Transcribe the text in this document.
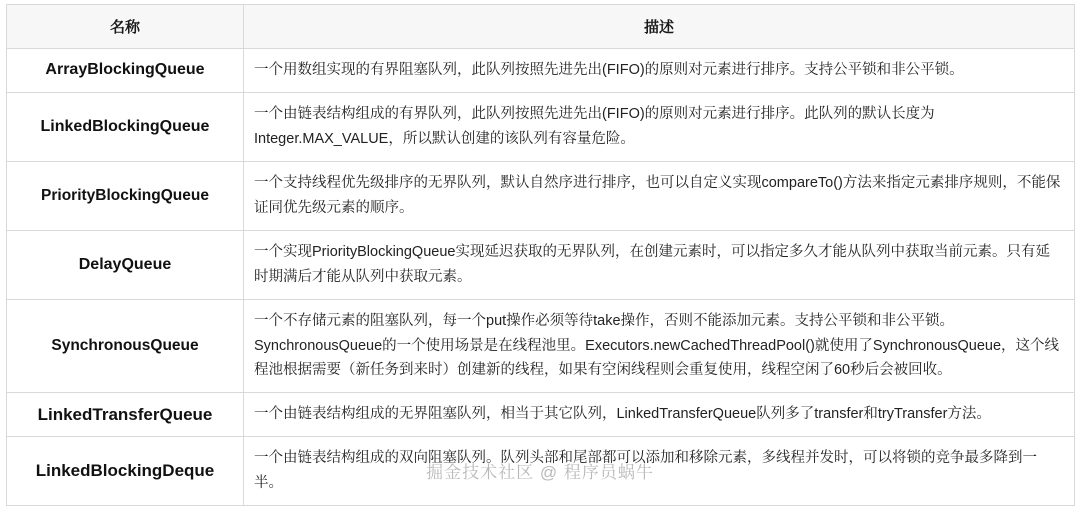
名称	描述
ArrayBlockingQueue	一个用数组实现的有界阻塞队列，此队列按照先进先出(FIFO)的原则对元素进行排序。支持公平锁和非公平锁。
LinkedBlockingQueue	一个由链表结构组成的有界队列，此队列按照先进先出(FIFO)的原则对元素进行排序。此队列的默认长度为Integer.MAX_VALUE，所以默认创建的该队列有容量危险。
PriorityBlockingQueue	一个支持线程优先级排序的无界队列，默认自然序进行排序，也可以自定义实现compareTo()方法来指定元素排序规则，不能保证同优先级元素的顺序。
DelayQueue	一个实现PriorityBlockingQueue实现延迟获取的无界队列，在创建元素时，可以指定多久才能从队列中获取当前元素。只有延时期满后才能从队列中获取元素。
SynchronousQueue	一个不存储元素的阻塞队列，每一个put操作必须等待take操作，否则不能添加元素。支持公平锁和非公平锁。SynchronousQueue的一个使用场景是在线程池里。Executors.newCachedThreadPool()就使用了SynchronousQueue，这个线程池根据需要（新任务到来时）创建新的线程，如果有空闲线程则会重复使用，线程空闲了60秒后会被回收。
LinkedTransferQueue	一个由链表结构组成的无界阻塞队列，相当于其它队列，LinkedTransferQueue队列多了transfer和tryTransfer方法。
LinkedBlockingDeque	一个由链表结构组成的双向阻塞队列。队列头部和尾部都可以添加和移除元素，多线程并发时，可以将锁的竞争最多降到一半。
掘金技术社区 @ 程序员蜗牛
